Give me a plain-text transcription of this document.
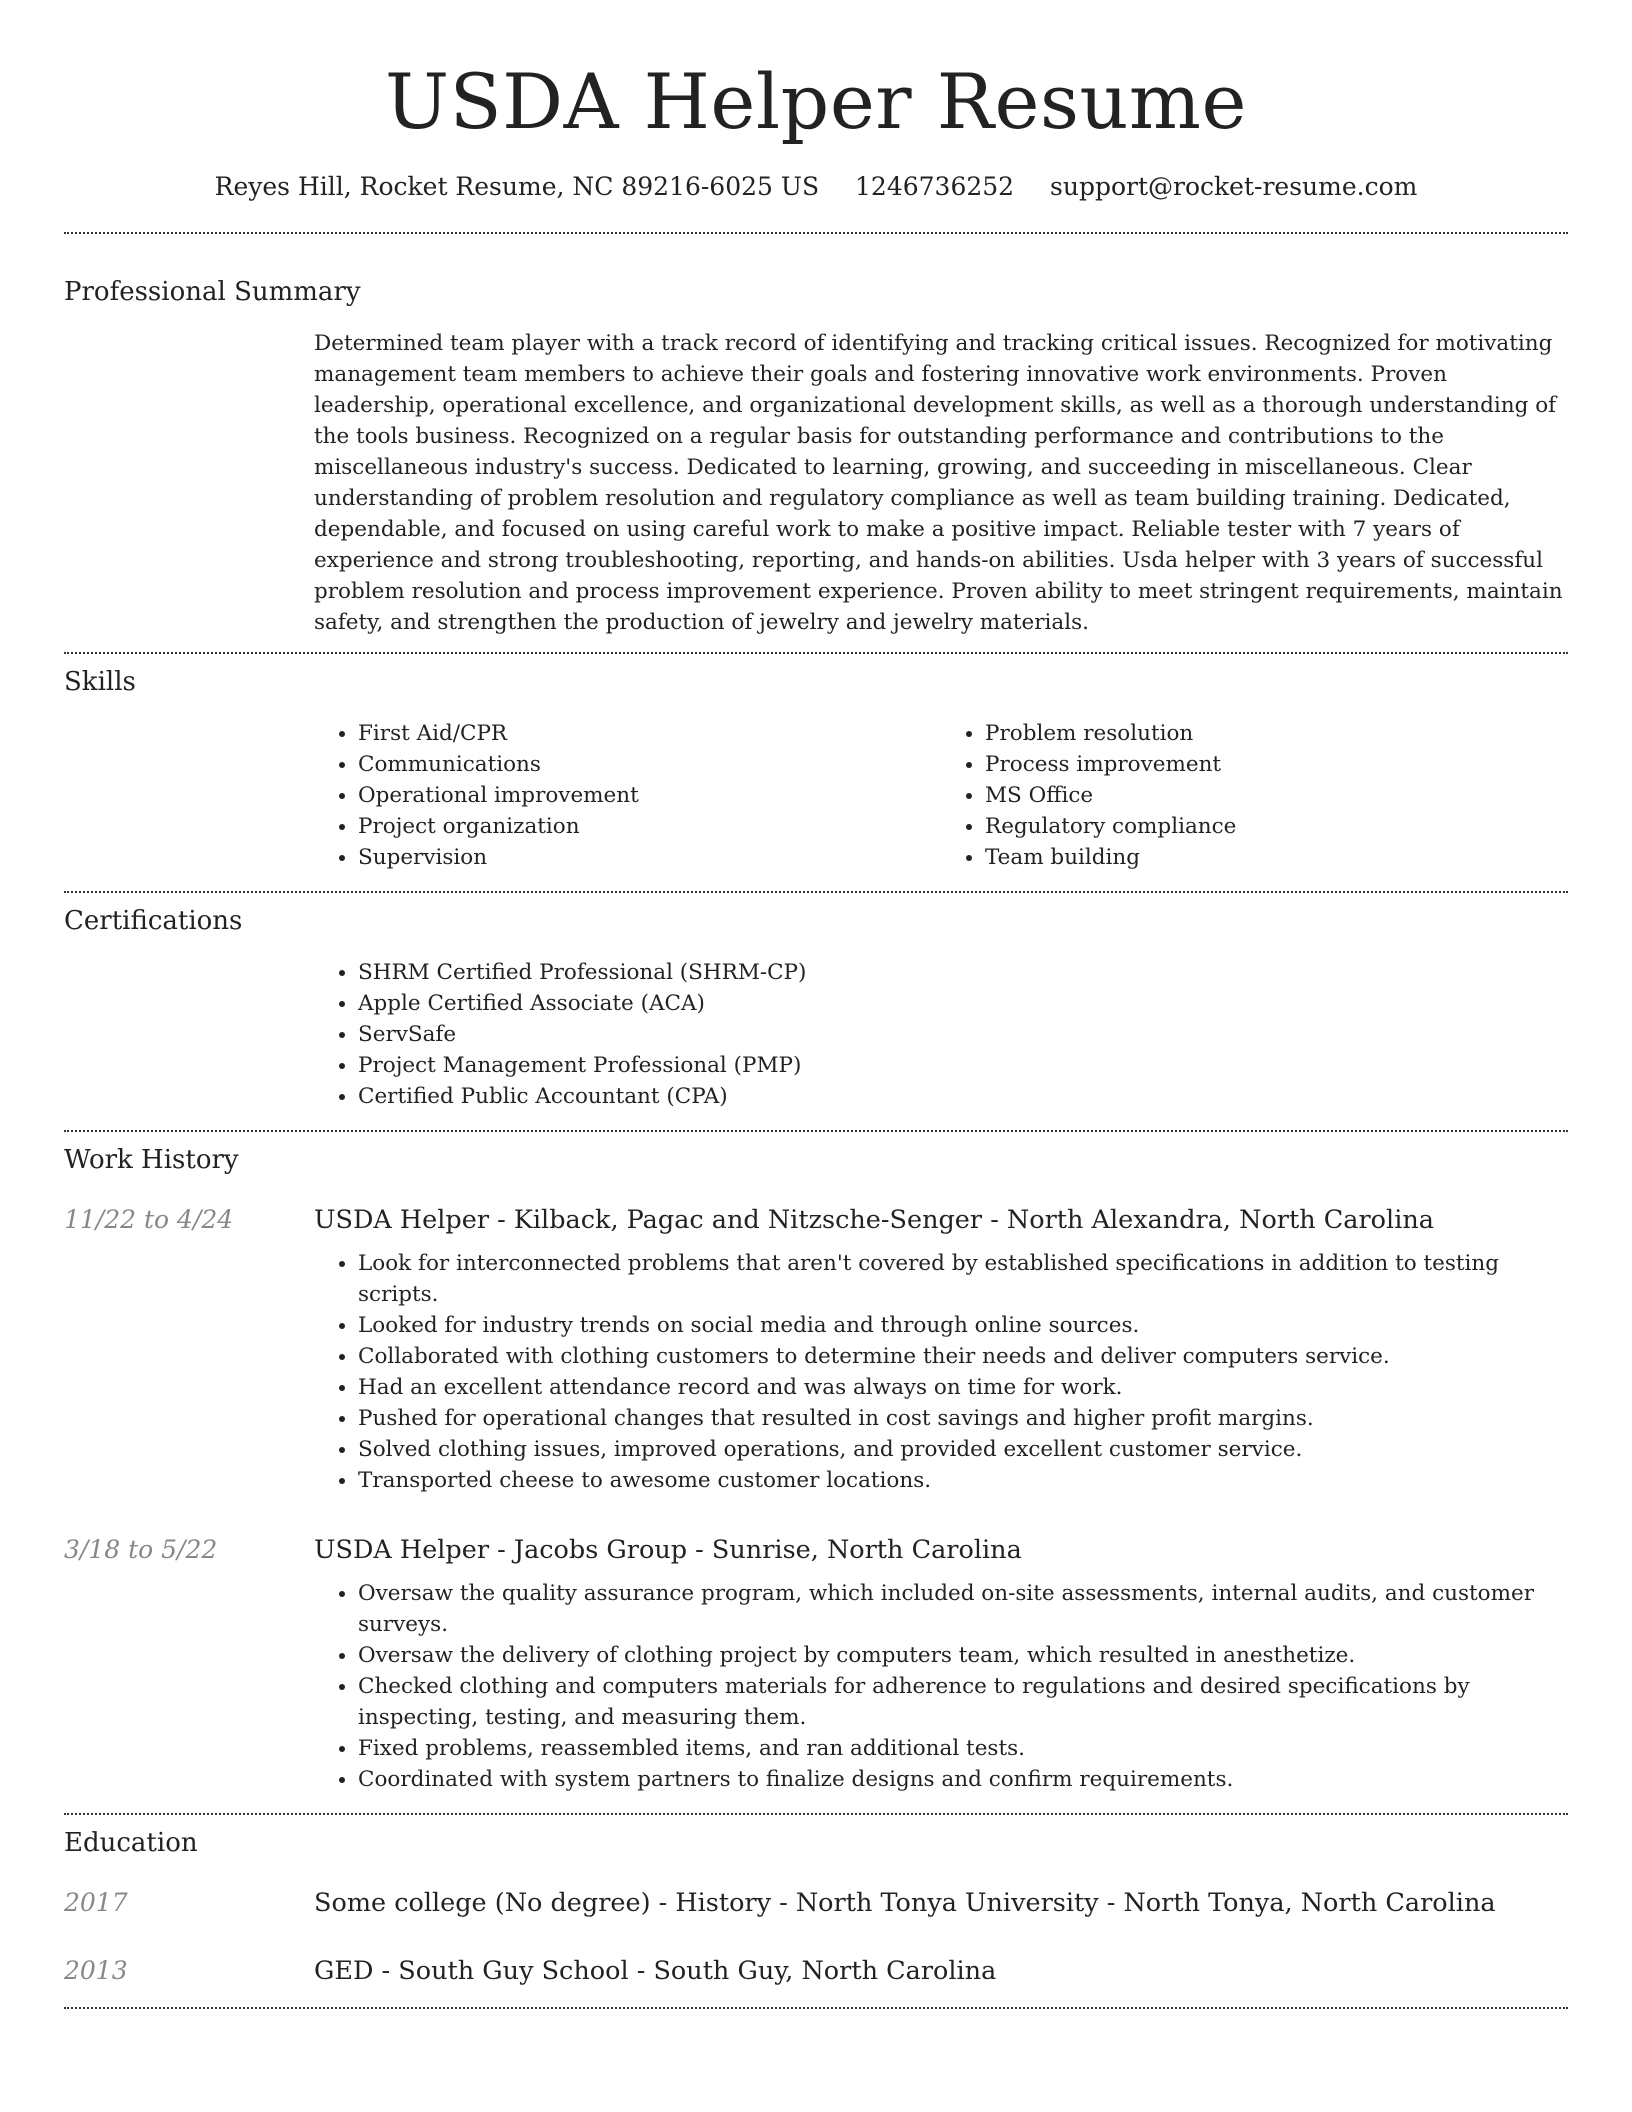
USDA Helper Resume
Reyes Hill, Rocket Resume, NC 89216-6025 US 1246736252 support@rocket-resume.com
Professional Summary

Determined team player with a track record of identifying and tracking critical issues. Recognized for motivating management team members to achieve their goals and fostering innovative work environments. Proven leadership, operational excellence, and organizational development skills, as well as a thorough understanding of the tools business. Recognized on a regular basis for outstanding performance and contributions to the miscellaneous industry's success. Dedicated to learning, growing, and succeeding in miscellaneous. Clear understanding of problem resolution and regulatory compliance as well as team building training. Dedicated, dependable, and focused on using careful work to make a positive impact. Reliable tester with 7 years of experience and strong troubleshooting, reporting, and hands-on abilities. Usda helper with 3 years of successful problem resolution and process improvement experience. Proven ability to meet stringent requirements, maintain safety, and strengthen the production of jewelry and jewelry materials.

Skills
• First Aid/CPR
• Communications
• Operational improvement
• Project organization
• Supervision
• Problem resolution
• Process improvement
• MS Office
• Regulatory compliance
• Team building
Certifications
• SHRM Certified Professional (SHRM-CP)
• Apple Certified Associate (ACA)
• ServSafe
• Project Management Professional (PMP)
• Certified Public Accountant (CPA)
Work History
11/22 to 4/24	USDA Helper - Kilback, Pagac and Nitzsche-Senger - North Alexandra, North Carolina
• Look for interconnected problems that aren't covered by established specifications in addition to testing scripts.
• Looked for industry trends on social media and through online sources.
• Collaborated with clothing customers to determine their needs and deliver computers service.
• Had an excellent attendance record and was always on time for work.
• Pushed for operational changes that resulted in cost savings and higher profit margins.
• Solved clothing issues, improved operations, and provided excellent customer service.
• Transported cheese to awesome customer locations.
3/18 to 5/22	USDA Helper - Jacobs Group - Sunrise, North Carolina
• Oversaw the quality assurance program, which included on-site assessments, internal audits, and customer surveys.
• Oversaw the delivery of clothing project by computers team, which resulted in anesthetize.
• Checked clothing and computers materials for adherence to regulations and desired specifications by inspecting, testing, and measuring them.
• Fixed problems, reassembled items, and ran additional tests.
• Coordinated with system partners to finalize designs and confirm requirements.
Education
2017	Some college (No degree) - History - North Tonya University - North Tonya, North Carolina
2013	GED - South Guy School - South Guy, North Carolina
